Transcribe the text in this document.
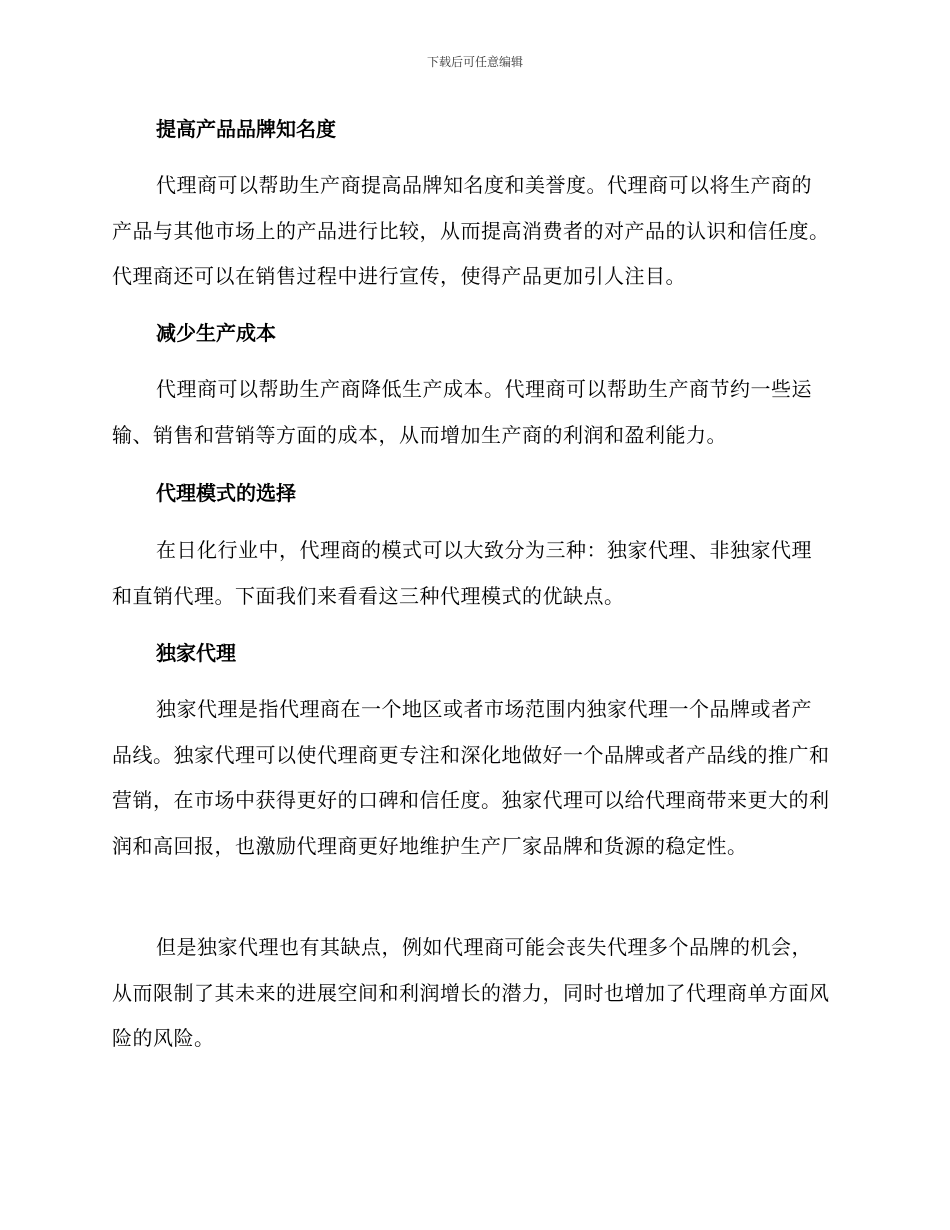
下载后可任意编辑
提高产品品牌知名度
代理商可以帮助生产商提高品牌知名度和美誉度。代理商可以将生产商的产品与其他市场上的产品进行比较，从而提高消费者的对产品的认识和信任度。代理商还可以在销售过程中进行宣传，使得产品更加引人注目。
减少生产成本
代理商可以帮助生产商降低生产成本。代理商可以帮助生产商节约一些运输、销售和营销等方面的成本，从而增加生产商的利润和盈利能力。
代理模式的选择
在日化行业中，代理商的模式可以大致分为三种：独家代理、非独家代理和直销代理。下面我们来看看这三种代理模式的优缺点。
独家代理
独家代理是指代理商在一个地区或者市场范围内独家代理一个品牌或者产品线。独家代理可以使代理商更专注和深化地做好一个品牌或者产品线的推广和营销，在市场中获得更好的口碑和信任度。独家代理可以给代理商带来更大的利润和高回报，也激励代理商更好地维护生产厂家品牌和货源的稳定性。
但是独家代理也有其缺点，例如代理商可能会丧失代理多个品牌的机会，从而限制了其未来的进展空间和利润增长的潜力，同时也增加了代理商单方面风险的风险。
